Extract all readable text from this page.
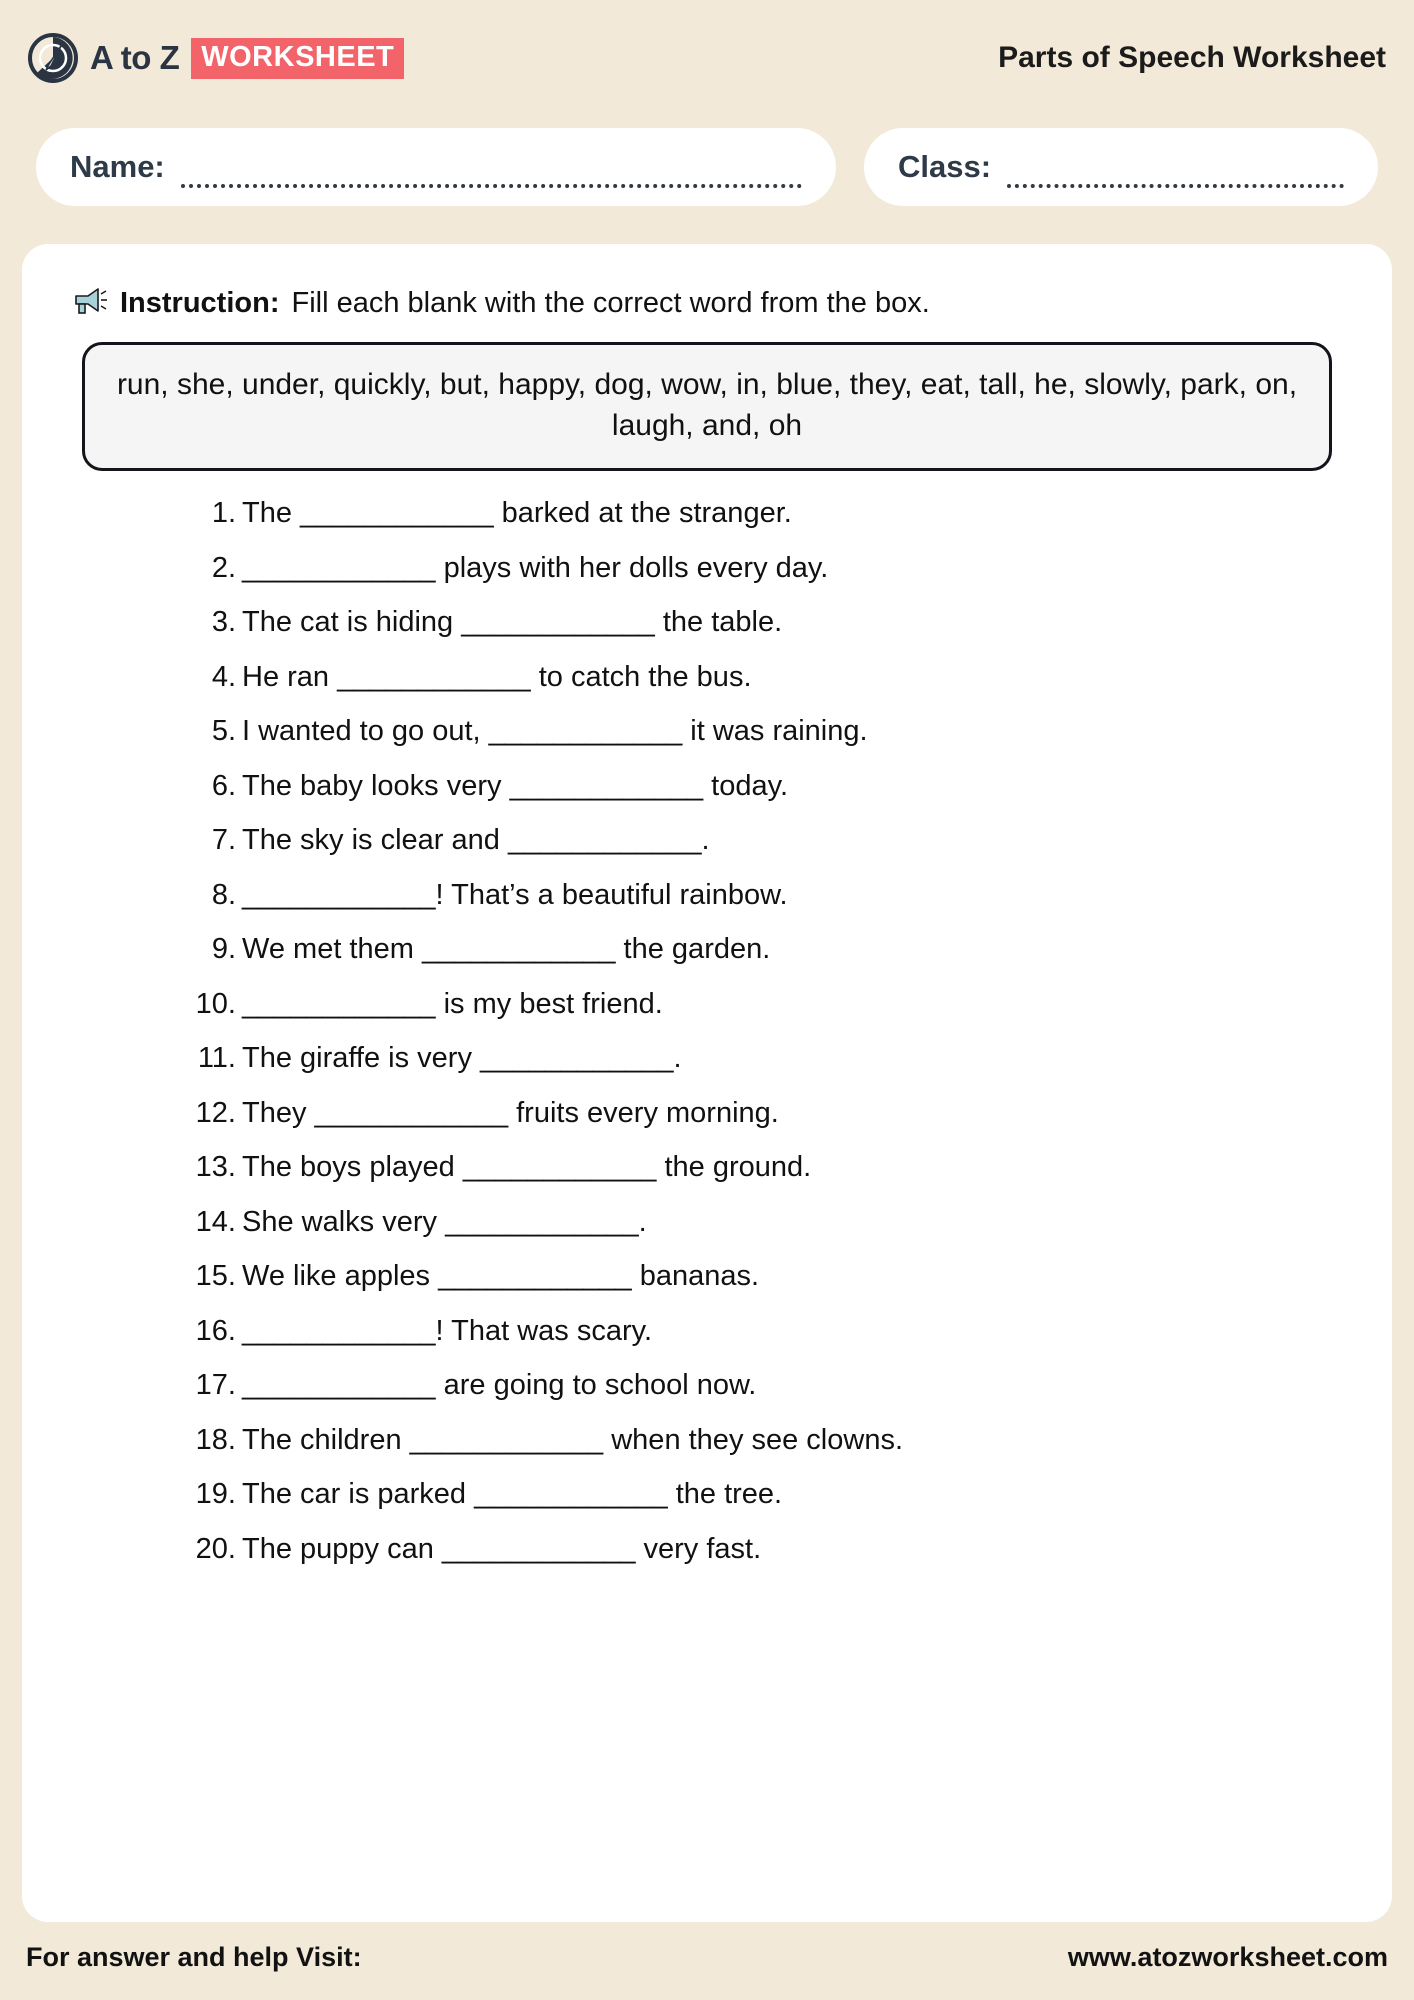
A to Z WORKSHEET	Parts of Speech Worksheet
Name:	Class:
Instruction: Fill each blank with the correct word from the box.
run, she, under, quickly, but, happy, dog, wow, in, blue, they, eat, tall, he, slowly, park, on, laugh, and, oh
1. The ____________ barked at the stranger.
2. ____________ plays with her dolls every day.
3. The cat is hiding ____________ the table.
4. He ran ____________ to catch the bus.
5. I wanted to go out, ____________ it was raining.
6. The baby looks very ____________ today.
7. The sky is clear and ____________.
8. ____________! That’s a beautiful rainbow.
9. We met them ____________ the garden.
10. ____________ is my best friend.
11. The giraffe is very ____________.
12. They ____________ fruits every morning.
13. The boys played ____________ the ground.
14. She walks very ____________.
15. We like apples ____________ bananas.
16. ____________! That was scary.
17. ____________ are going to school now.
18. The children ____________ when they see clowns.
19. The car is parked ____________ the tree.
20. The puppy can ____________ very fast.
For answer and help Visit:	www.atozworksheet.com
